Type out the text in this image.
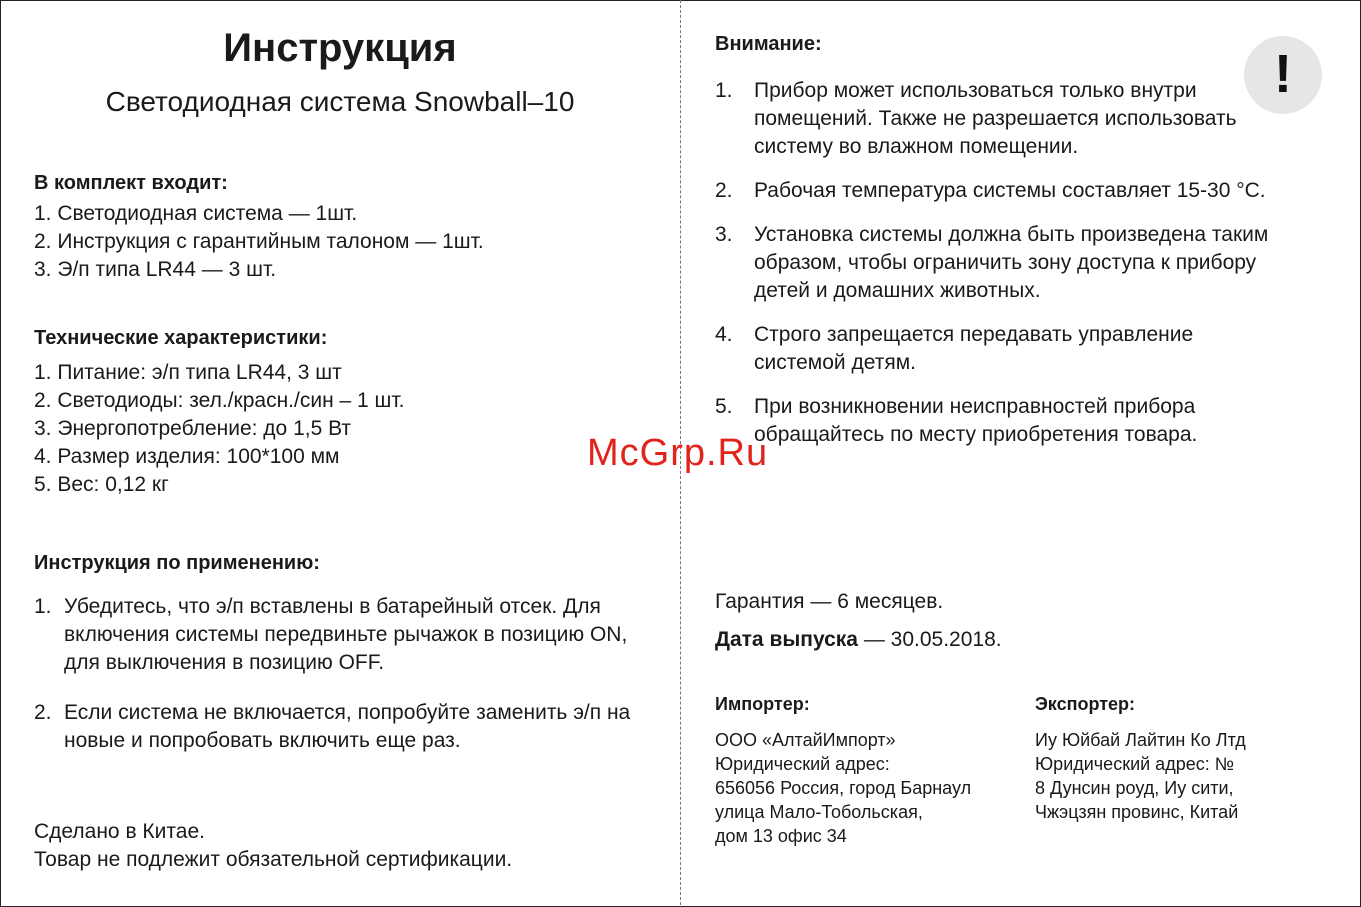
Инструкция
Светодиодная система Snowball–10
В комплект входит:
1. Светодиодная система — 1шт.
2. Инструкция с гарантийным талоном — 1шт.
3. Э/п типа LR44 — 3 шт.
Технические характеристики:
1. Питание: э/п типа LR44, 3 шт
2. Светодиоды: зел./красн./син – 1 шт.
3. Энергопотребление: до 1,5 Вт
4. Размер изделия: 100*100 мм
5. Вес: 0,12 кг
Инструкция по применению:
1. Убедитесь, что э/п вставлены в батарейный отсек. Для включения системы передвиньте рычажок в позицию ON, для выключения в позицию OFF.
2. Если система не включается, попробуйте заменить э/п на новые и попробовать включить еще раз.
Сделано в Китае.
Товар не подлежит обязательной сертификации.
Внимание:	!
1. Прибор может использоваться только внутри помещений. Также не разрешается использовать систему во влажном помещении.
2. Рабочая температура системы составляет 15-30 °С.
3. Установка системы должна быть произведена таким образом, чтобы ограничить зону доступа к прибору детей и домашних животных.
4. Строго запрещается передавать управление системой детям.
5. При возникновении неисправностей прибора обращайтесь по месту приобретения товара.
Гарантия — 6 месяцев.
Дата выпуска — 30.05.2018.
Импортер:
ООО «АлтайИмпорт»
Юридический адрес:
656056 Россия, город Барнаул
улица Мало-Тобольская,
дом 13 офис 34
Экспортер:
Иу Юйбай Лайтин Ко Лтд
Юридический адрес: №
8 Дунсин роуд, Иу сити,
Чжэцзян провинс, Китай
McGrp.Ru
